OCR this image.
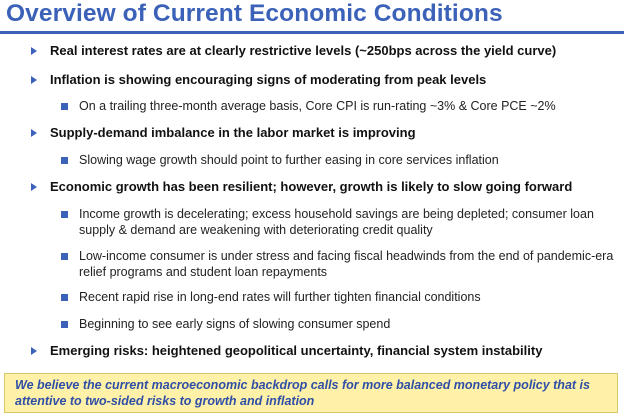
Overview of Current Economic Conditions
Real interest rates are at clearly restrictive levels (~250bps across the yield curve)
Inflation is showing encouraging signs of moderating from peak levels
On a trailing three-month average basis, Core CPI is run-rating ~3% & Core PCE ~2%
Supply-demand imbalance in the labor market is improving
Slowing wage growth should point to further easing in core services inflation
Economic growth has been resilient; however, growth is likely to slow going forward
Income growth is decelerating; excess household savings are being depleted; consumer loan supply & demand are weakening with deteriorating credit quality
Low-income consumer is under stress and facing fiscal headwinds from the end of pandemic-era relief programs and student loan repayments
Recent rapid rise in long-end rates will further tighten financial conditions
Beginning to see early signs of slowing consumer spend
Emerging risks: heightened geopolitical uncertainty, financial system instability
We believe the current macroeconomic backdrop calls for more balanced monetary policy that is attentive to two-sided risks to growth and inflation
